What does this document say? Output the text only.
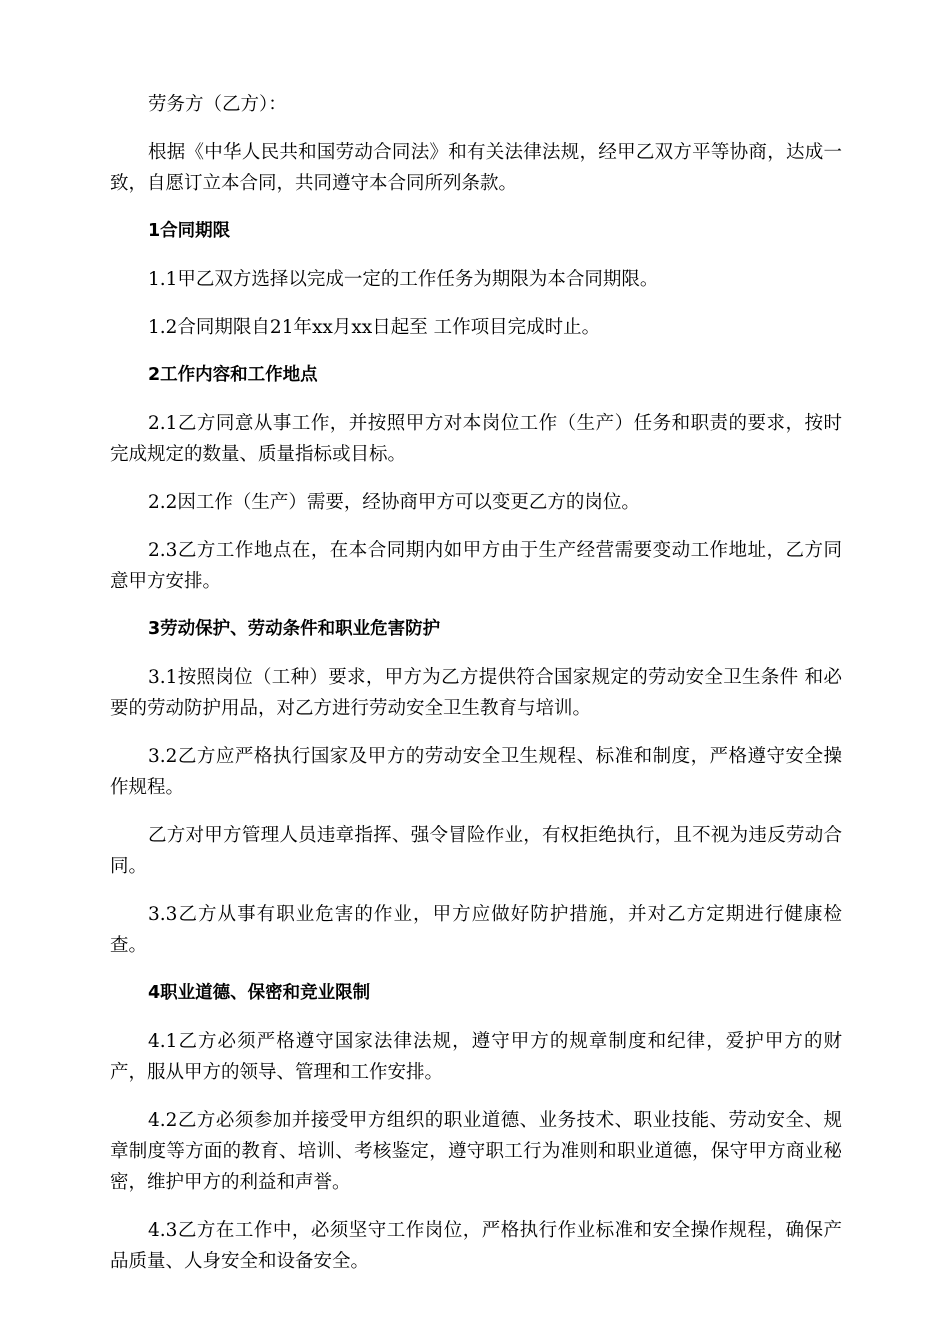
劳务方（乙方）：

根据《中华人民共和国劳动合同法》和有关法律法规，经甲乙双方平等协商，达成一致，自愿订立本合同，共同遵守本合同所列条款。

1合同期限

1.1甲乙双方选择以完成一定的工作任务为期限为本合同期限。

1.2合同期限自21年xx月xx日起至 工作项目完成时止。

2工作内容和工作地点

2.1乙方同意从事工作，并按照甲方对本岗位工作（生产）任务和职责的要求，按时完成规定的数量、质量指标或目标。

2.2因工作（生产）需要，经协商甲方可以变更乙方的岗位。

2.3乙方工作地点在，在本合同期内如甲方由于生产经营需要变动工作地址，乙方同意甲方安排。

3劳动保护、劳动条件和职业危害防护

3.1按照岗位（工种）要求，甲方为乙方提供符合国家规定的劳动安全卫生条件 和必要的劳动防护用品，对乙方进行劳动安全卫生教育与培训。

3.2乙方应严格执行国家及甲方的劳动安全卫生规程、标准和制度，严格遵守安全操作规程。

乙方对甲方管理人员违章指挥、强令冒险作业，有权拒绝执行，且不视为违反劳动合同。

3.3乙方从事有职业危害的作业，甲方应做好防护措施，并对乙方定期进行健康检查。

4职业道德、保密和竞业限制

4.1乙方必须严格遵守国家法律法规，遵守甲方的规章制度和纪律，爱护甲方的财产，服从甲方的领导、管理和工作安排。

4.2乙方必须参加并接受甲方组织的职业道德、业务技术、职业技能、劳动安全、规章制度等方面的教育、培训、考核鉴定，遵守职工行为准则和职业道德，保守甲方商业秘密，维护甲方的利益和声誉。

4.3乙方在工作中，必须坚守工作岗位，严格执行作业标准和安全操作规程，确保产品质量、人身安全和设备安全。
